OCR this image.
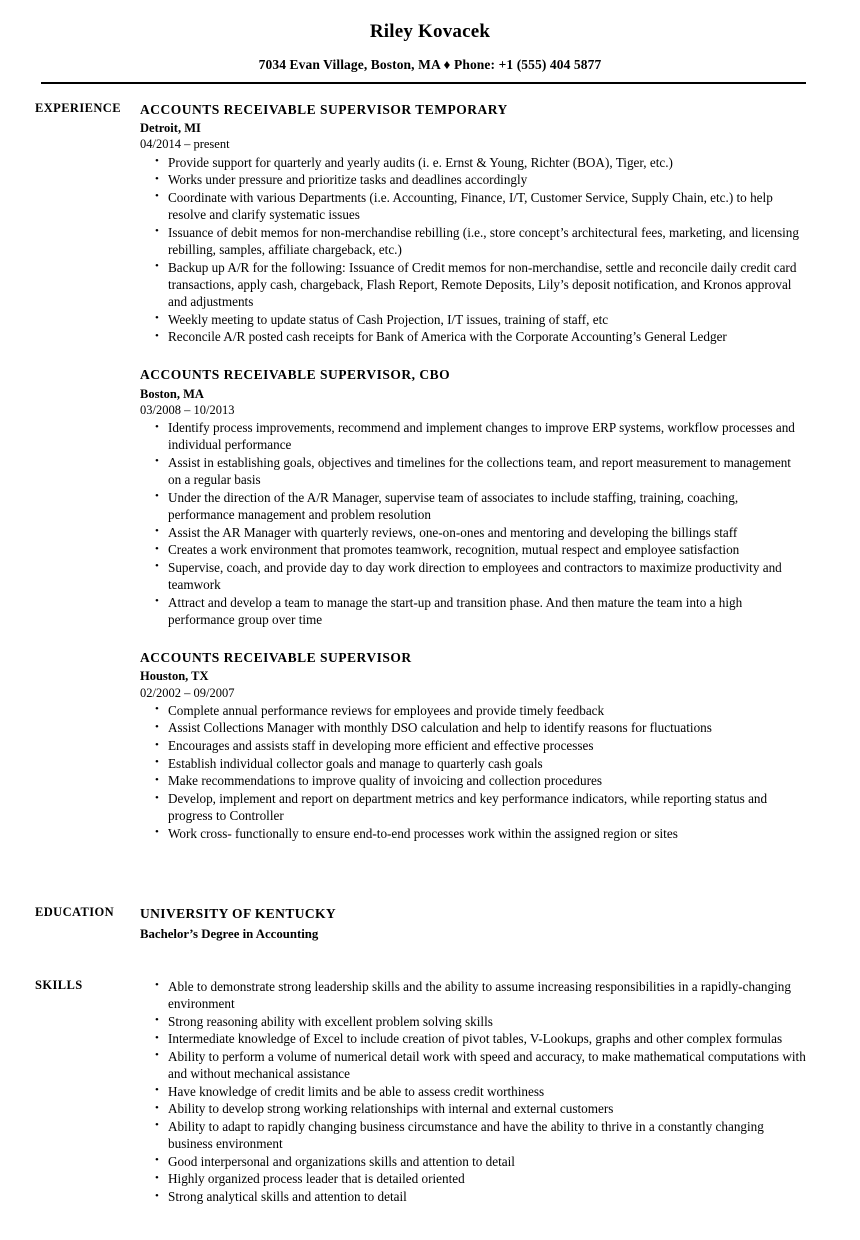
Riley Kovacek
7034 Evan Village, Boston, MA ♦ Phone: +1 (555) 404 5877
EXPERIENCE	ACCOUNTS RECEIVABLE SUPERVISOR TEMPORARY
Detroit, MI
04/2014 – present
• Provide support for quarterly and yearly audits (i. e. Ernst & Young, Richter (BOA), Tiger, etc.)
• Works under pressure and prioritize tasks and deadlines accordingly
• Coordinate with various Departments (i.e. Accounting, Finance, I/T, Customer Service, Supply Chain, etc.) to help resolve and clarify systematic issues
• Issuance of debit memos for non-merchandise rebilling (i.e., store concept’s architectural fees, marketing, and licensing rebilling, samples, affiliate chargeback, etc.)
• Backup up A/R for the following: Issuance of Credit memos for non-merchandise, settle and reconcile daily credit card transactions, apply cash, chargeback, Flash Report, Remote Deposits, Lily’s deposit notification, and Kronos approval and adjustments
• Weekly meeting to update status of Cash Projection, I/T issues, training of staff, etc
• Reconcile A/R posted cash receipts for Bank of America with the Corporate Accounting’s General Ledger
ACCOUNTS RECEIVABLE SUPERVISOR, CBO
Boston, MA
03/2008 – 10/2013
• Identify process improvements, recommend and implement changes to improve ERP systems, workflow processes and individual performance
• Assist in establishing goals, objectives and timelines for the collections team, and report measurement to management on a regular basis
• Under the direction of the A/R Manager, supervise team of associates to include staffing, training, coaching, performance management and problem resolution
• Assist the AR Manager with quarterly reviews, one-on-ones and mentoring and developing the billings staff
• Creates a work environment that promotes teamwork, recognition, mutual respect and employee satisfaction
• Supervise, coach, and provide day to day work direction to employees and contractors to maximize productivity and teamwork
• Attract and develop a team to manage the start-up and transition phase. And then mature the team into a high performance group over time
ACCOUNTS RECEIVABLE SUPERVISOR
Houston, TX
02/2002 – 09/2007
• Complete annual performance reviews for employees and provide timely feedback
• Assist Collections Manager with monthly DSO calculation and help to identify reasons for fluctuations
• Encourages and assists staff in developing more efficient and effective processes
• Establish individual collector goals and manage to quarterly cash goals
• Make recommendations to improve quality of invoicing and collection procedures
• Develop, implement and report on department metrics and key performance indicators, while reporting status and progress to Controller
• Work cross- functionally to ensure end-to-end processes work within the assigned region or sites
EDUCATION	UNIVERSITY OF KENTUCKY
Bachelor’s Degree in Accounting
SKILLS	• Able to demonstrate strong leadership skills and the ability to assume increasing responsibilities in a rapidly-changing environment
• Strong reasoning ability with excellent problem solving skills
• Intermediate knowledge of Excel to include creation of pivot tables, V-Lookups, graphs and other complex formulas
• Ability to perform a volume of numerical detail work with speed and accuracy, to make mathematical computations with and without mechanical assistance
• Have knowledge of credit limits and be able to assess credit worthiness
• Ability to develop strong working relationships with internal and external customers
• Ability to adapt to rapidly changing business circumstance and have the ability to thrive in a constantly changing business environment
• Good interpersonal and organizations skills and attention to detail
• Highly organized process leader that is detailed oriented
• Strong analytical skills and attention to detail
